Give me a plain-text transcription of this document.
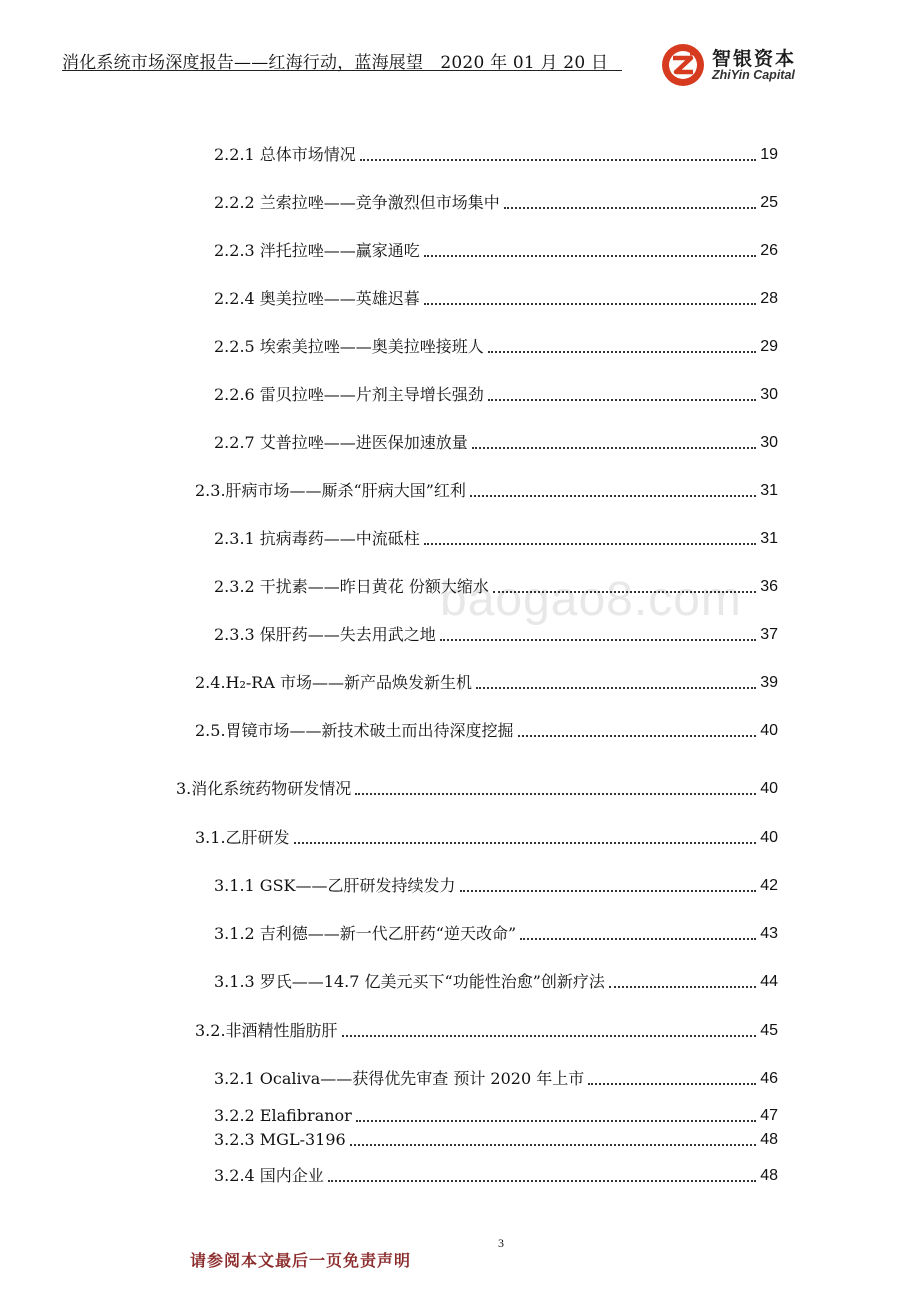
消化系统市场深度报告——红海行动，蓝海展望　2020 年 01 月 20 日	智银资本
ZhiYin Capital
baogao8.com
2.2.1 总体市场情况	19
2.2.2 兰索拉唑——竞争激烈但市场集中	25
2.2.3 泮托拉唑——赢家通吃	26
2.2.4 奥美拉唑——英雄迟暮	28
2.2.5 埃索美拉唑——奥美拉唑接班人	29
2.2.6 雷贝拉唑——片剂主导增长强劲	30
2.2.7 艾普拉唑——进医保加速放量	30
2.3.肝病市场——厮杀“肝病大国”红利	31
2.3.1 抗病毒药——中流砥柱	31
2.3.2 干扰素——昨日黄花 份额大缩水	36
2.3.3 保肝药——失去用武之地	37
2.4.H₂-RA 市场——新产品焕发新生机	39
2.5.胃镜市场——新技术破土而出待深度挖掘	40
3.消化系统药物研发情况	40
3.1.乙肝研发	40
3.1.1 GSK——乙肝研发持续发力	42
3.1.2 吉利德——新一代乙肝药“逆天改命”	43
3.1.3 罗氏——14.7 亿美元买下“功能性治愈”创新疗法	44
3.2.非酒精性脂肪肝	45
3.2.1 Ocaliva——获得优先审查 预计 2020 年上市	46
3.2.2 Elafibranor	47
3.2.3 MGL-3196	48
3.2.4 国内企业	48
3
请参阅本文最后一页免责声明
